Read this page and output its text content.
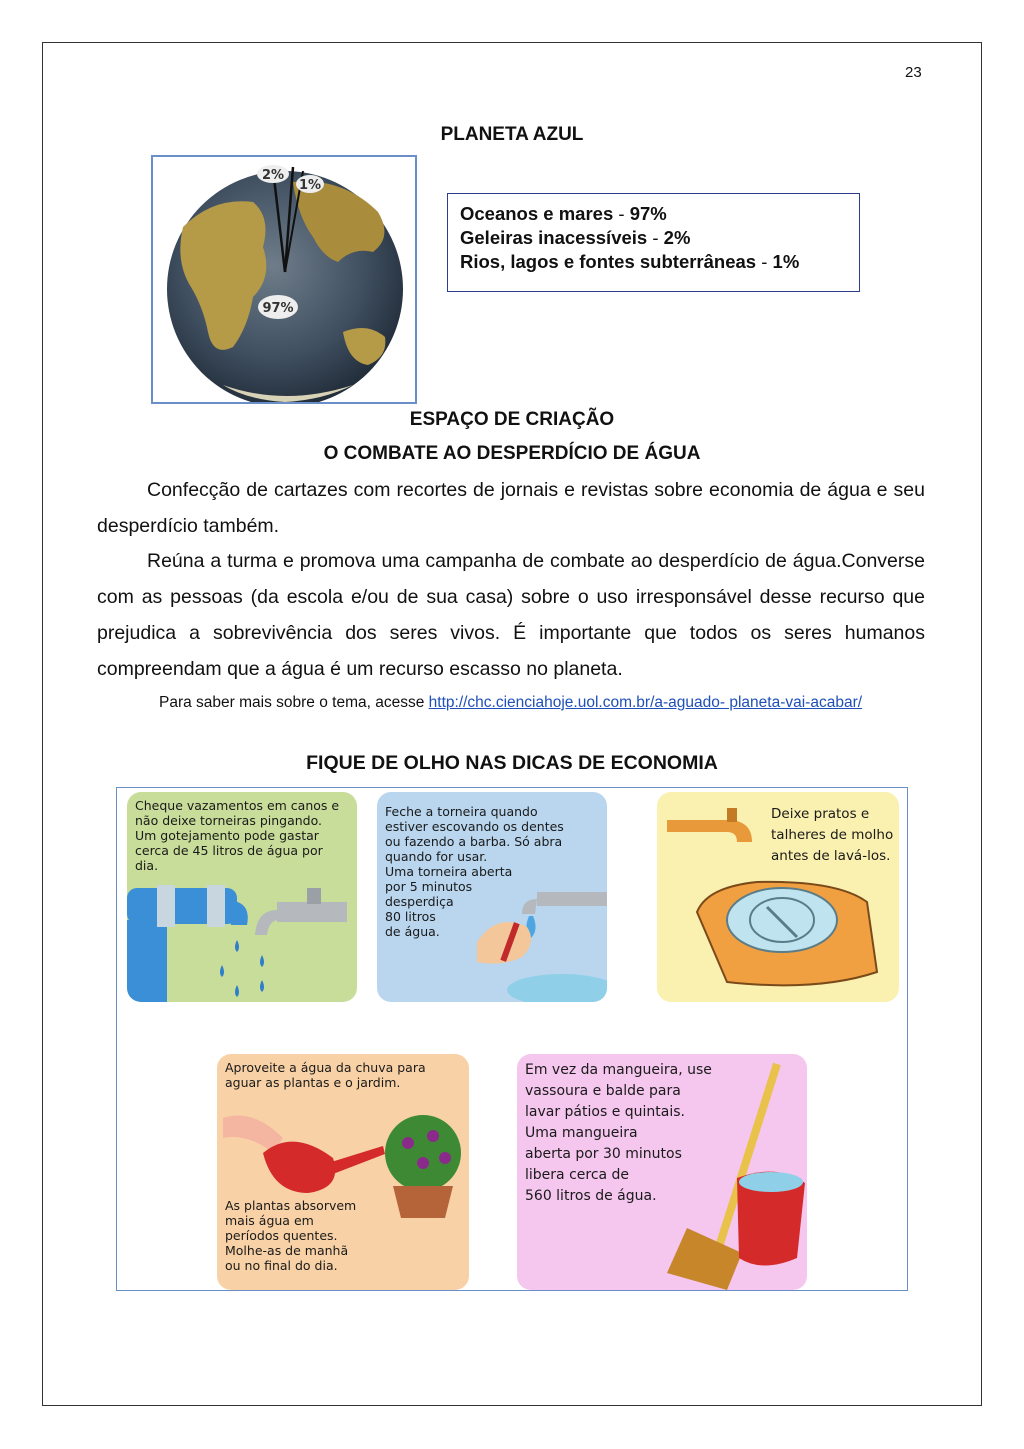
23
PLANETA AZUL
2%
1%
97%
Oceanos e mares - 97%
Geleiras inacessíveis - 2%
Rios, lagos e fontes subterrâneas - 1%
ESPAÇO DE CRIAÇÃO
O COMBATE AO DESPERDÍCIO DE ÁGUA
Confecção de cartazes com recortes de jornais e revistas sobre economia de água e seu desperdício também.
Reúna a turma e promova uma campanha de combate ao desperdício de água.Converse com as pessoas (da escola e/ou de sua casa) sobre o uso irresponsável desse recurso que prejudica a sobrevivência dos seres vivos. É importante que todos os seres humanos compreendam que a água é um recurso escasso no planeta.
Para saber mais sobre o tema, acesse http://chc.cienciahoje.uol.com.br/a-aguado- planeta-vai-acabar/
FIQUE DE OLHO NAS DICAS DE ECONOMIA
Cheque vazamentos em canos e
não deixe torneiras pingando.
Um gotejamento pode gastar
cerca de 45 litros de água por
dia.
Feche a torneira quando
estiver escovando os dentes
ou fazendo a barba. Só abra
quando for usar.
Uma torneira aberta
por 5 minutos
desperdiça
80 litros
de água.
Deixe pratos e
talheres de molho
antes de lavá-los.
Aproveite a água da chuva para
aguar as plantas e o jardim.
As plantas absorvem
mais água em
períodos quentes.
Molhe-as de manhã
ou no final do dia.
Em vez da mangueira, use
vassoura e balde para
lavar pátios e quintais.
Uma mangueira
aberta por 30 minutos
libera cerca de
560 litros de água.
